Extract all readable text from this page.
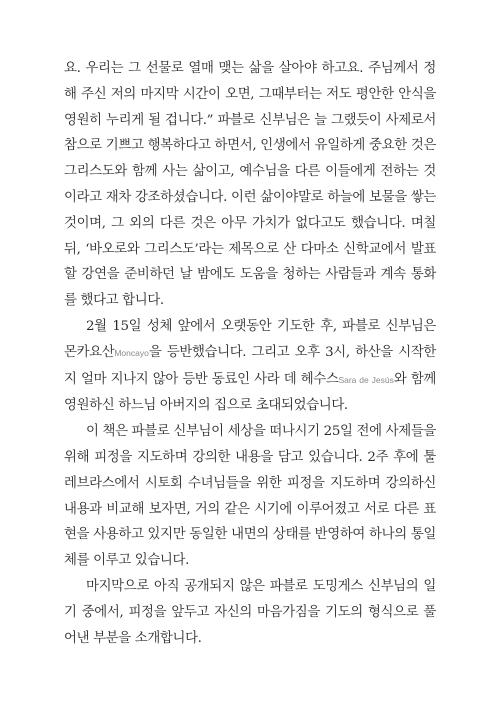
요. 우리는 그 선물로 열매 맺는 삶을 살아야 하고요. 주님께서 정해 주신 저의 마지막 시간이 오면, 그때부터는 저도 평안한 안식을 영원히 누리게 될 겁니다.” 파블로 신부님은 늘 그랬듯이 사제로서 참으로 기쁘고 행복하다고 하면서, 인생에서 유일하게 중요한 것은 그리스도와 함께 사는 삶이고, 예수님을 다른 이들에게 전하는 것이라고 재차 강조하셨습니다. 이런 삶이야말로 하늘에 보물을 쌓는 것이며, 그 외의 다른 것은 아무 가치가 없다고도 했습니다. 며칠 뒤, ‘바오로와 그리스도’라는 제목으로 산 다마소 신학교에서 발표할 강연을 준비하던 날 밤에도 도움을 청하는 사람들과 계속 통화를 했다고 합니다.

2월 15일 성체 앞에서 오랫동안 기도한 후, 파블로 신부님은 몬카요산Moncayo을 등반했습니다. 그리고 오후 3시, 하산을 시작한 지 얼마 지나지 않아 등반 동료인 사라 데 헤수스Sara de Jesús와 함께 영원하신 하느님 아버지의 집으로 초대되었습니다.

이 책은 파블로 신부님이 세상을 떠나시기 25일 전에 사제들을 위해 피정을 지도하며 강의한 내용을 담고 있습니다. 2주 후에 툴레브라스에서 시토회 수녀님들을 위한 피정을 지도하며 강의하신 내용과 비교해 보자면, 거의 같은 시기에 이루어졌고 서로 다른 표현을 사용하고 있지만 동일한 내면의 상태를 반영하여 하나의 통일체를 이루고 있습니다.

마지막으로 아직 공개되지 않은 파블로 도밍게스 신부님의 일기 중에서, 피정을 앞두고 자신의 마음가짐을 기도의 형식으로 풀어낸 부분을 소개합니다.
